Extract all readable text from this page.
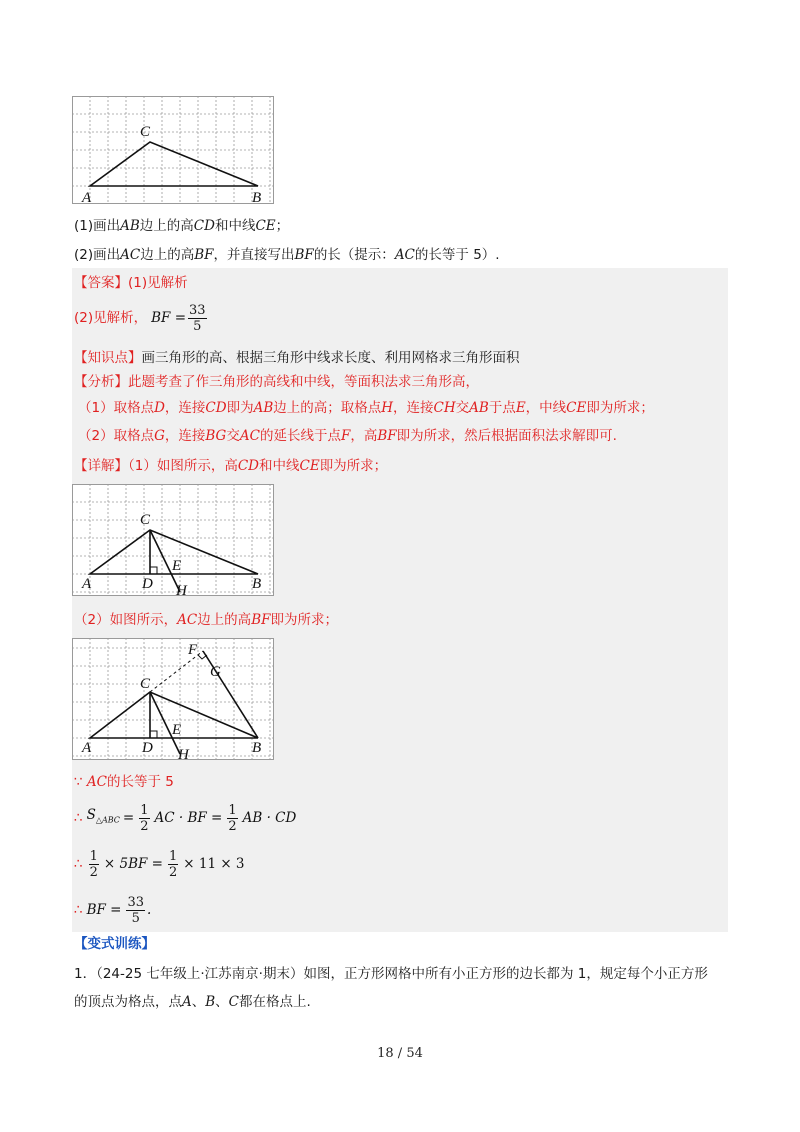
C
A	B
(1)画出AB边上的高CD和中线CE；
(2)画出AC边上的高BF，并直接写出BF的长（提示：AC的长等于 5）.
【答案】(1)见解析
(2)见解析， BF = $\frac{33}{5}$
【知识点】画三角形的高、根据三角形中线求长度、利用网格求三角形面积
【分析】此题考查了作三角形的高线和中线，等面积法求三角形高，
（1）取格点D，连接CD即为AB边上的高；取格点H，连接CH交AB于点E，中线CE即为所求；
（2）取格点G，连接BG交AC的延长线于点F，高BF即为所求，然后根据面积法求解即可.
【详解】（1）如图所示，高CD和中线CE即为所求；
C
A	D
E
H	B
（2）如图所示，AC边上的高BF即为所求；
F
G
C
A	D
E
H	B
∵ AC的长等于 5
∴ $S_{\triangle ABC} = \frac{1}{2}$ AC · BF = $\frac{1}{2}$ AB · CD
∴ $\frac{1}{2} \times 5BF = \frac{1}{2} \times 11 \times 3$
∴ BF = $\frac{33}{5}$ .
【变式训练】
1．（24-25 七年级上·江苏南京·期末）如图，正方形网格中所有小正方形的边长都为 1，规定每个小正方形
的顶点为格点，点A、B、C都在格点上.
18 / 54
